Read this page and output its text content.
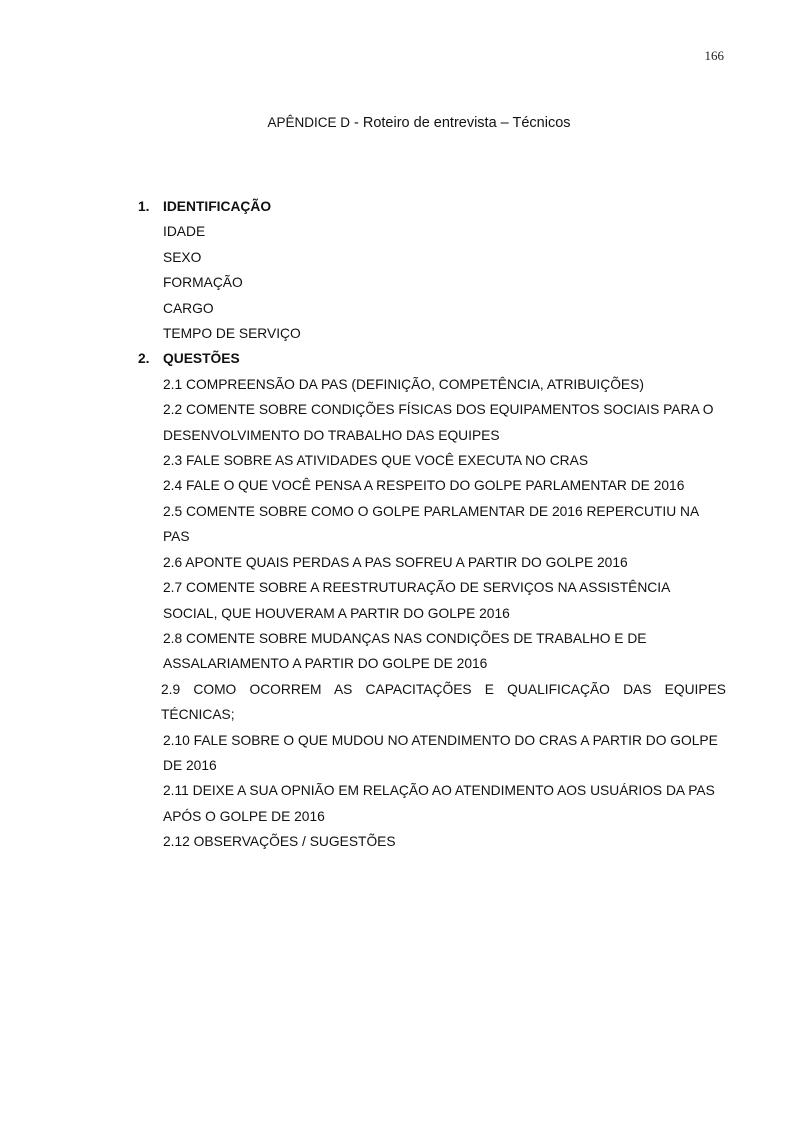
166
APÊNDICE D - Roteiro de entrevista – Técnicos
1. IDENTIFICAÇÃO
IDADE
SEXO
FORMAÇÃO
CARGO
TEMPO DE SERVIÇO
2. QUESTÕES
2.1 COMPREENSÃO DA PAS (DEFINIÇÃO, COMPETÊNCIA, ATRIBUIÇÕES)
2.2 COMENTE SOBRE CONDIÇÕES FÍSICAS DOS EQUIPAMENTOS SOCIAIS PARA O DESENVOLVIMENTO DO TRABALHO DAS EQUIPES
2.3 FALE SOBRE AS ATIVIDADES QUE VOCÊ EXECUTA NO CRAS
2.4 FALE O QUE VOCÊ PENSA A RESPEITO DO GOLPE PARLAMENTAR DE 2016
2.5 COMENTE SOBRE COMO O GOLPE PARLAMENTAR DE 2016 REPERCUTIU NA PAS
2.6 APONTE QUAIS PERDAS A PAS SOFREU A PARTIR DO GOLPE 2016
2.7 COMENTE SOBRE A REESTRUTURAÇÃO DE SERVIÇOS NA ASSISTÊNCIA SOCIAL, QUE HOUVERAM A PARTIR DO GOLPE 2016
2.8 COMENTE SOBRE MUDANÇAS NAS CONDIÇÕES DE TRABALHO E DE ASSALARIAMENTO A PARTIR DO GOLPE DE 2016
2.9 COMO OCORREM AS CAPACITAÇÕES E QUALIFICAÇÃO DAS EQUIPES TÉCNICAS;
2.10 FALE SOBRE O QUE MUDOU NO ATENDIMENTO DO CRAS A PARTIR DO GOLPE DE 2016
2.11 DEIXE A SUA OPNIÃO EM RELAÇÃO AO ATENDIMENTO AOS USUÁRIOS DA PAS APÓS O GOLPE DE 2016
2.12 OBSERVAÇÕES / SUGESTÕES
